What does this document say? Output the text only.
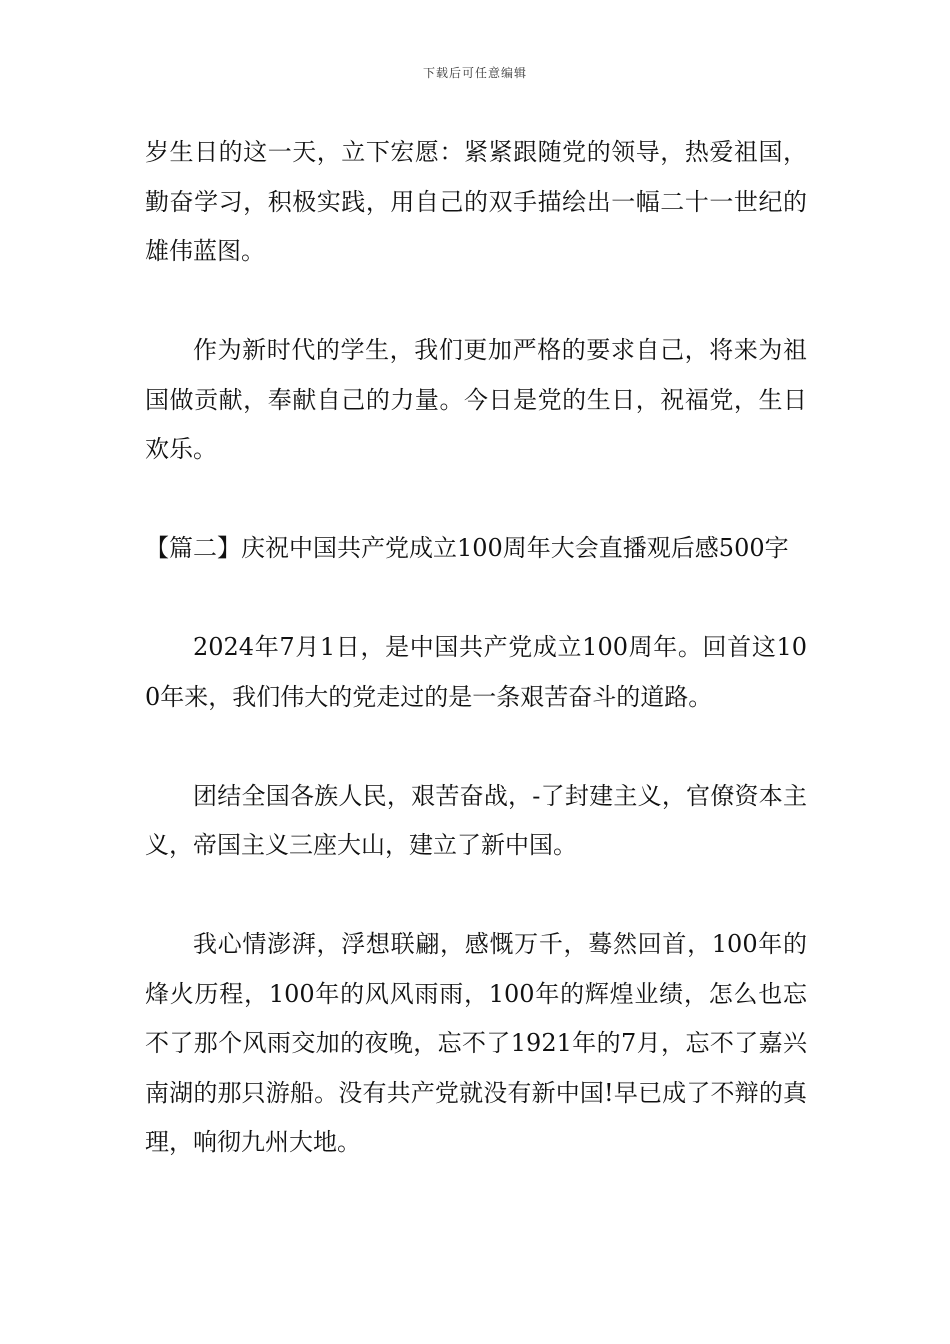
下载后可任意编辑

岁生日的这一天，立下宏愿：紧紧跟随党的领导，热爱祖国，勤奋学习，积极实践，用自己的双手描绘出一幅二十一世纪的雄伟蓝图。

作为新时代的学生，我们更加严格的要求自己，将来为祖国做贡献，奉献自己的力量。今日是党的生日，祝福党，生日欢乐。

【篇二】庆祝中国共产党成立100周年大会直播观后感500字

2024年7月1日，是中国共产党成立100周年。回首这100年来，我们伟大的党走过的是一条艰苦奋斗的道路。

团结全国各族人民，艰苦奋战，-了封建主义，官僚资本主义，帝国主义三座大山，建立了新中国。

我心情澎湃，浮想联翩，感慨万千，蓦然回首，100年的烽火历程，100年的风风雨雨，100年的辉煌业绩，怎么也忘不了那个风雨交加的夜晚，忘不了1921年的7月，忘不了嘉兴南湖的那只游船。没有共产党就没有新中国!早已成了不辩的真理，响彻九州大地。
